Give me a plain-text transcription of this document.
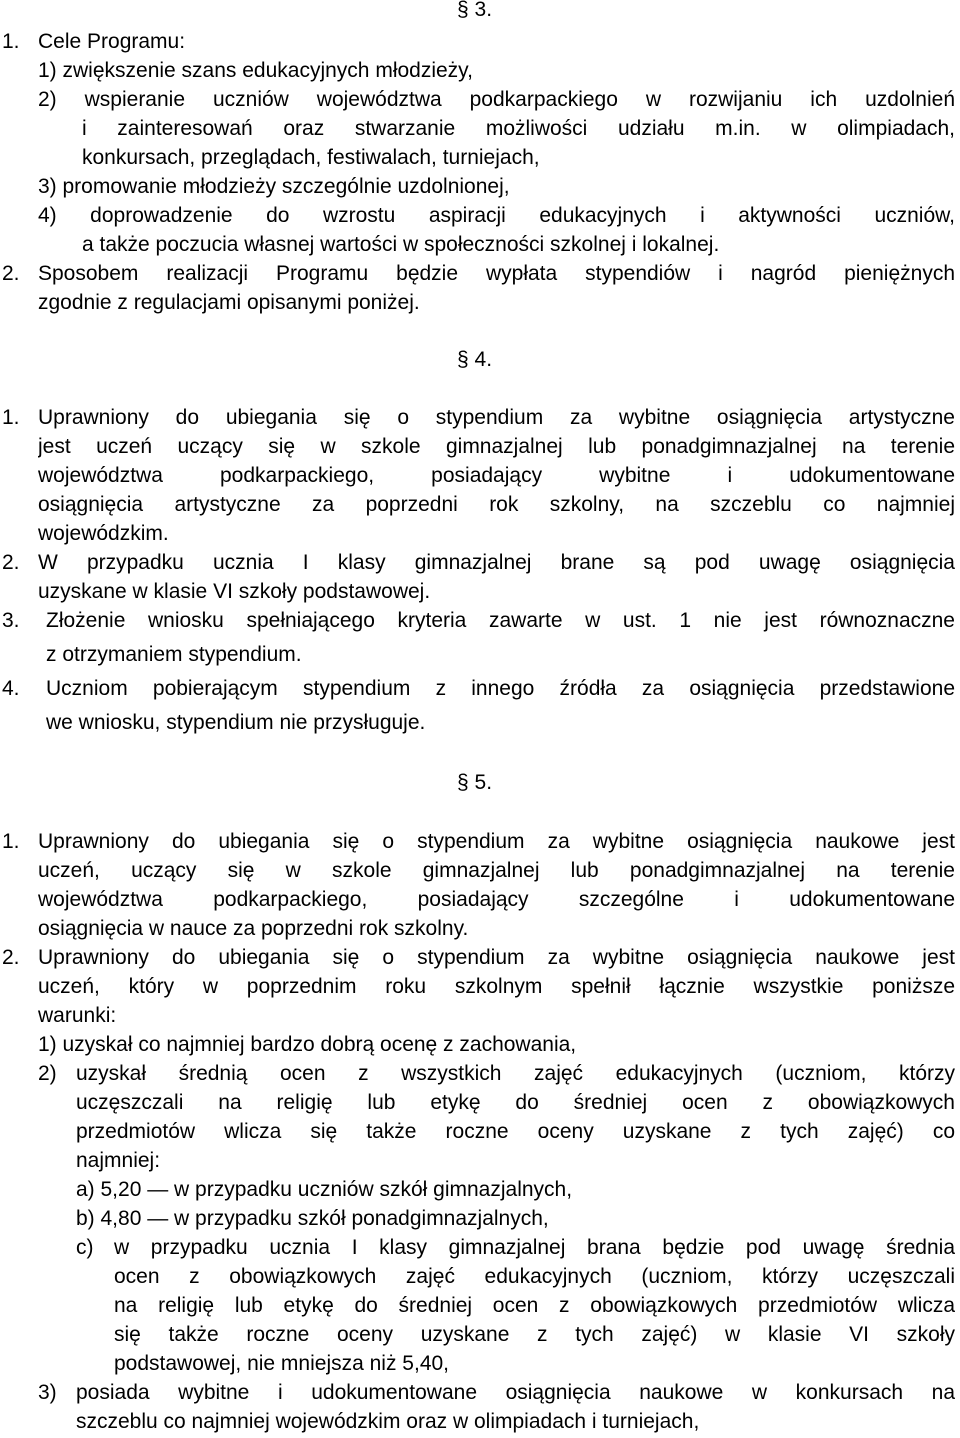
§ 3.
1. Cele Programu:
1) zwiększenie szans edukacyjnych młodzieży,
2) wspieranie uczniów województwa podkarpackiego w rozwijaniu ich uzdolnień
i zainteresowań oraz stwarzanie możliwości udziału m.in. w olimpiadach,
konkursach, przeglądach, festiwalach, turniejach,
3) promowanie młodzieży szczególnie uzdolnionej,
4) doprowadzenie do wzrostu aspiracji edukacyjnych i aktywności uczniów,
a także poczucia własnej wartości w społeczności szkolnej i lokalnej.
2. Sposobem realizacji Programu będzie wypłata stypendiów i nagród pieniężnych
zgodnie z regulacjami opisanymi poniżej.
§ 4.
1. Uprawniony do ubiegania się o stypendium za wybitne osiągnięcia artystyczne
jest uczeń uczący się w szkole gimnazjalnej lub ponadgimnazjalnej na terenie
województwa podkarpackiego, posiadający wybitne i udokumentowane
osiągnięcia artystyczne za poprzedni rok szkolny, na szczeblu co najmniej
wojewódzkim.
2. W przypadku ucznia I klasy gimnazjalnej brane są pod uwagę osiągnięcia
uzyskane w klasie VI szkoły podstawowej.
3. Złożenie wniosku spełniającego kryteria zawarte w ust. 1 nie jest równoznaczne
z otrzymaniem stypendium.
4. Uczniom pobierającym stypendium z innego źródła za osiągnięcia przedstawione
we wniosku, stypendium nie przysługuje.
§ 5.
1. Uprawniony do ubiegania się o stypendium za wybitne osiągnięcia naukowe jest
uczeń, uczący się w szkole gimnazjalnej lub ponadgimnazjalnej na terenie
województwa podkarpackiego, posiadający szczególne i udokumentowane
osiągnięcia w nauce za poprzedni rok szkolny.
2. Uprawniony do ubiegania się o stypendium za wybitne osiągnięcia naukowe jest
uczeń, który w poprzednim roku szkolnym spełnił łącznie wszystkie poniższe
warunki:
1) uzyskał co najmniej bardzo dobrą ocenę z zachowania,
2) uzyskał średnią ocen z wszystkich zajęć edukacyjnych (uczniom, którzy
uczęszczali na religię lub etykę do średniej ocen z obowiązkowych
przedmiotów wlicza się także roczne oceny uzyskane z tych zajęć) co
najmniej:
a) 5,20 — w przypadku uczniów szkół gimnazjalnych,
b) 4,80 — w przypadku szkół ponadgimnazjalnych,
c) w przypadku ucznia I klasy gimnazjalnej brana będzie pod uwagę średnia
ocen z obowiązkowych zajęć edukacyjnych (uczniom, którzy uczęszczali
na religię lub etykę do średniej ocen z obowiązkowych przedmiotów wlicza
się także roczne oceny uzyskane z tych zajęć) w klasie VI szkoły
podstawowej, nie mniejsza niż 5,40,
3) posiada wybitne i udokumentowane osiągnięcia naukowe w konkursach na
szczeblu co najmniej wojewódzkim oraz w olimpiadach i turniejach,
